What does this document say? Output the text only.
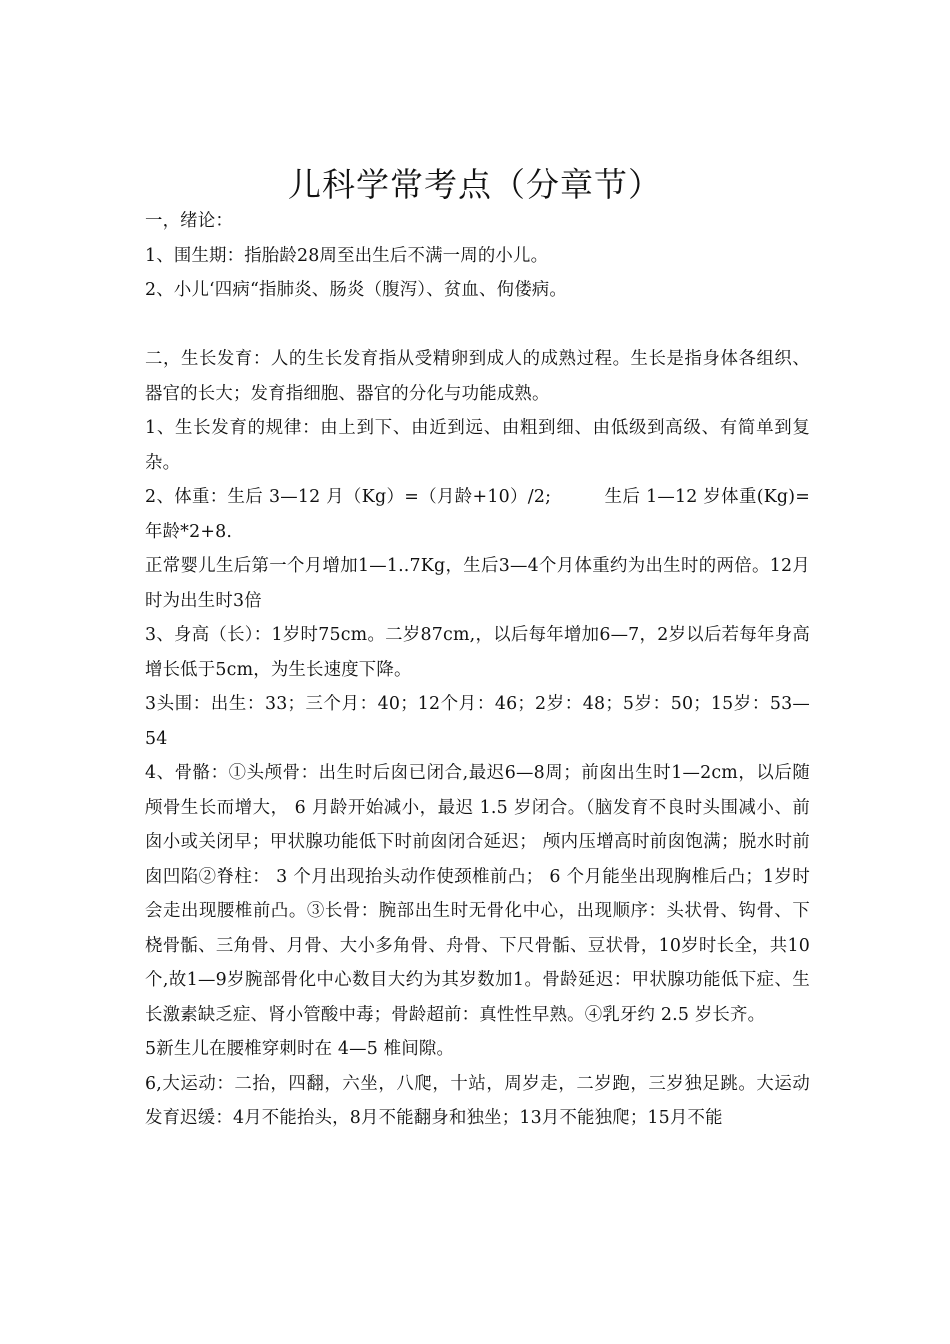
儿科学常考点（分章节）

一，绪论：

1、围生期：指胎龄28周至出生后不满一周的小儿。

2、小儿‘四病“指肺炎、肠炎（腹泻）、贫血、佝偻病。

二，生长发育：人的生长发育指从受精卵到成人的成熟过程。生长是指身体各组织、器官的长大；发育指细胞、器官的分化与功能成熟。

1、生长发育的规律：由上到下、由近到远、由粗到细、由低级到高级、有简单到复杂。

2、体重：生后 3—12 月（Kg）=（月龄+10）/2;　　　生后 1—12 岁体重(Kg)= 年龄*2+8.

正常婴儿生后第一个月增加1—1..7Kg，生后3—4个月体重约为出生时的两倍。12月时为出生时3倍

3、身高（长）：1岁时75cm。二岁87cm,，以后每年增加6—7，2岁以后若每年身高增长低于5cm，为生长速度下降。

3头围：出生：33；三个月：40；12个月：46；2岁：48；5岁：50；15岁：53—54

4、骨骼：①头颅骨：出生时后囱已闭合,最迟6—8周；前囱出生时1—2cm，以后随颅骨生长而增大， 6 月龄开始减小，最迟 1.5 岁闭合。（脑发育不良时头围减小、前囱小或关闭早；甲状腺功能低下时前囱闭合延迟； 颅内压增高时前囱饱满；脱水时前囱凹陷②脊柱： 3 个月出现抬头动作使颈椎前凸； 6 个月能坐出现胸椎后凸；1岁时会走出现腰椎前凸。③长骨：腕部出生时无骨化中心，出现顺序：头状骨、钩骨、下桡骨骺、三角骨、月骨、大小多角骨、舟骨、下尺骨骺、豆状骨，10岁时长全，共10个,故1—9岁腕部骨化中心数目大约为其岁数加1。骨龄延迟：甲状腺功能低下症、生长激素缺乏症、肾小管酸中毒；骨龄超前：真性性早熟。④乳牙约 2.5 岁长齐。

5新生儿在腰椎穿刺时在 4—5 椎间隙。

6,大运动：二抬，四翻，六坐，八爬，十站，周岁走，二岁跑，三岁独足跳。大运动发育迟缓：4月不能抬头，8月不能翻身和独坐；13月不能独爬；15月不能
